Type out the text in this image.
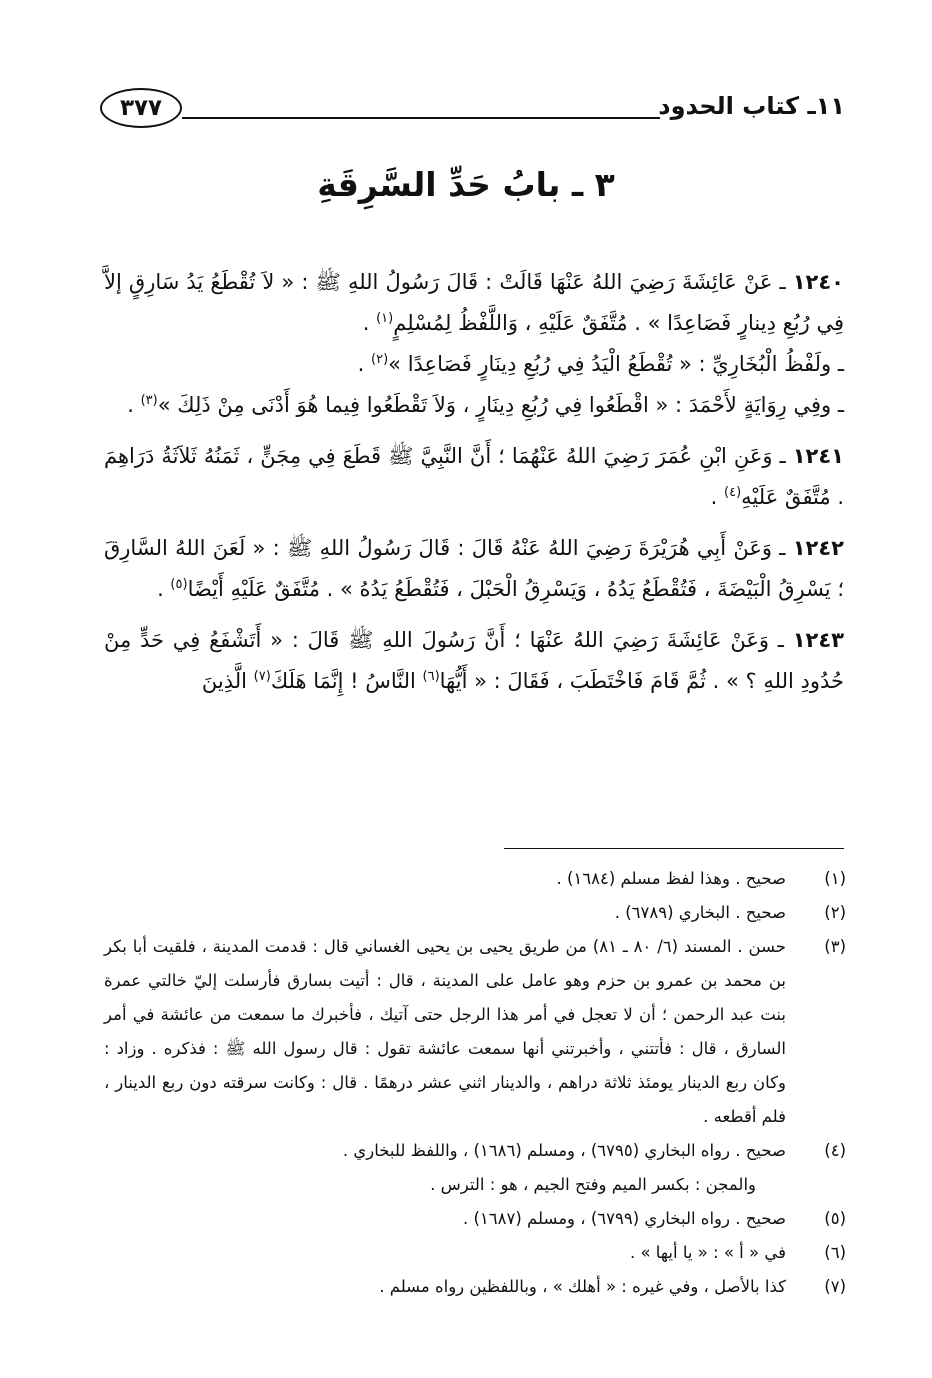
١١ـ كتاب الحدود
٣٧٧
٣ ـ بابُ حَدِّ السَّرِقَةِ

١٢٤٠ ـ عَنْ عَائِشَةَ رَضِيَ اللهُ عَنْهَا قَالَتْ : قَالَ رَسُولُ اللهِ ﷺ : « لاَ تُقْطَعُ يَدُ سَارِقٍ إلاَّ فِي رُبُعِ دِينارٍ فَصَاعِدًا » . مُتَّفَقٌ عَلَيْهِ ، وَاللَّفْظُ لِمُسْلِمٍ$^{(١)}$ .

ـ ولَفْظُ الْبُخَارِيِّ : « تُقْطَعُ الْيَدُ فِي رُبُعِ دِينَارٍ فَصَاعِدًا »$^{(٢)}$ .

ـ وفِي رِوَايَةٍ لأَحْمَدَ : « اقْطَعُوا فِي رُبُعِ دِينَارٍ ، وَلاَ تَقْطَعُوا فِيما هُوَ أَدْنَى مِنْ ذَلِكَ »$^{(٣)}$ .

١٢٤١ ـ وَعَنِ ابْنِ عُمَرَ رَضِيَ اللهُ عَنْهُمَا ؛ أَنَّ النَّبِيَّ ﷺ قَطَعَ فِي مِجَنٍّ ، ثَمَنُهُ ثَلاَثَةُ دَرَاهِمَ . مُتَّفَقٌ عَلَيْهِ$^{(٤)}$ .

١٢٤٢ ـ وَعَنْ أَبِي هُرَيْرَةَ رَضِيَ اللهُ عَنْهُ قَالَ : قَالَ رَسُولُ اللهِ ﷺ : « لَعَنَ اللهُ السَّارِقَ ؛ يَسْرِقُ الْبَيْضَةَ ، فَتُقْطَعُ يَدُهُ ، وَيَسْرِقُ الْحَبْلَ ، فَتُقْطَعُ يَدُهُ » . مُتَّفَقٌ عَلَيْهِ أَيْضًا$^{(٥)}$ .

١٢٤٣ ـ وَعَنْ عَائِشَةَ رَضِيَ اللهُ عَنْهَا ؛ أَنَّ رَسُولَ اللهِ ﷺ قَالَ : « أَتَشْفَعُ فِي حَدٍّ مِنْ حُدُودِ اللهِ ؟ » . ثُمَّ قَامَ فَاخْتَطَبَ ، فَقَالَ : « أَيُّهَا$^{(٦)}$ النَّاسُ ! إِنَّمَا هَلَكَ$^{(٧)}$ الَّذِينَ

(١)
صحيح . وهذا لفظ مسلم (١٦٨٤) .
(٢)
صحيح . البخاري (٦٧٨٩) .
(٣)
حسن . المسند (٦/ ٨٠ ـ ٨١) من طريق يحيى بن يحيى الغساني قال : قدمت المدينة ، فلقيت أبا بكر بن محمد بن عمرو بن حزم وهو عامل على المدينة ، قال : أتيت بسارق فأرسلت إليّ خالتي عمرة بنت عبد الرحمن ؛ أن لا تعجل في أمر هذا الرجل حتى آتيك ، فأخبرك ما سمعت من عائشة في أمر السارق ، قال : فأتتني ، وأخبرتني أنها سمعت عائشة تقول : قال رسول الله ﷺ : فذكره . وزاد : وكان ربع الدينار يومئذ ثلاثة دراهم ، والدينار اثني عشر درهمًا . قال : وكانت سرقته دون ربع الدينار ، فلم أقطعه .
(٤)
صحيح . رواه البخاري (٦٧٩٥) ، ومسلم (١٦٨٦) ، واللفظ للبخاري .
والمجن : بكسر الميم وفتح الجيم ، هو : الترس .
(٥)
صحيح . رواه البخاري (٦٧٩٩) ، ومسلم (١٦٨٧) .
(٦)
في « أ » : « يا أيها » .
(٧)
كذا بالأصل ، وفي غيره : « أهلك » ، وباللفظين رواه مسلم .
